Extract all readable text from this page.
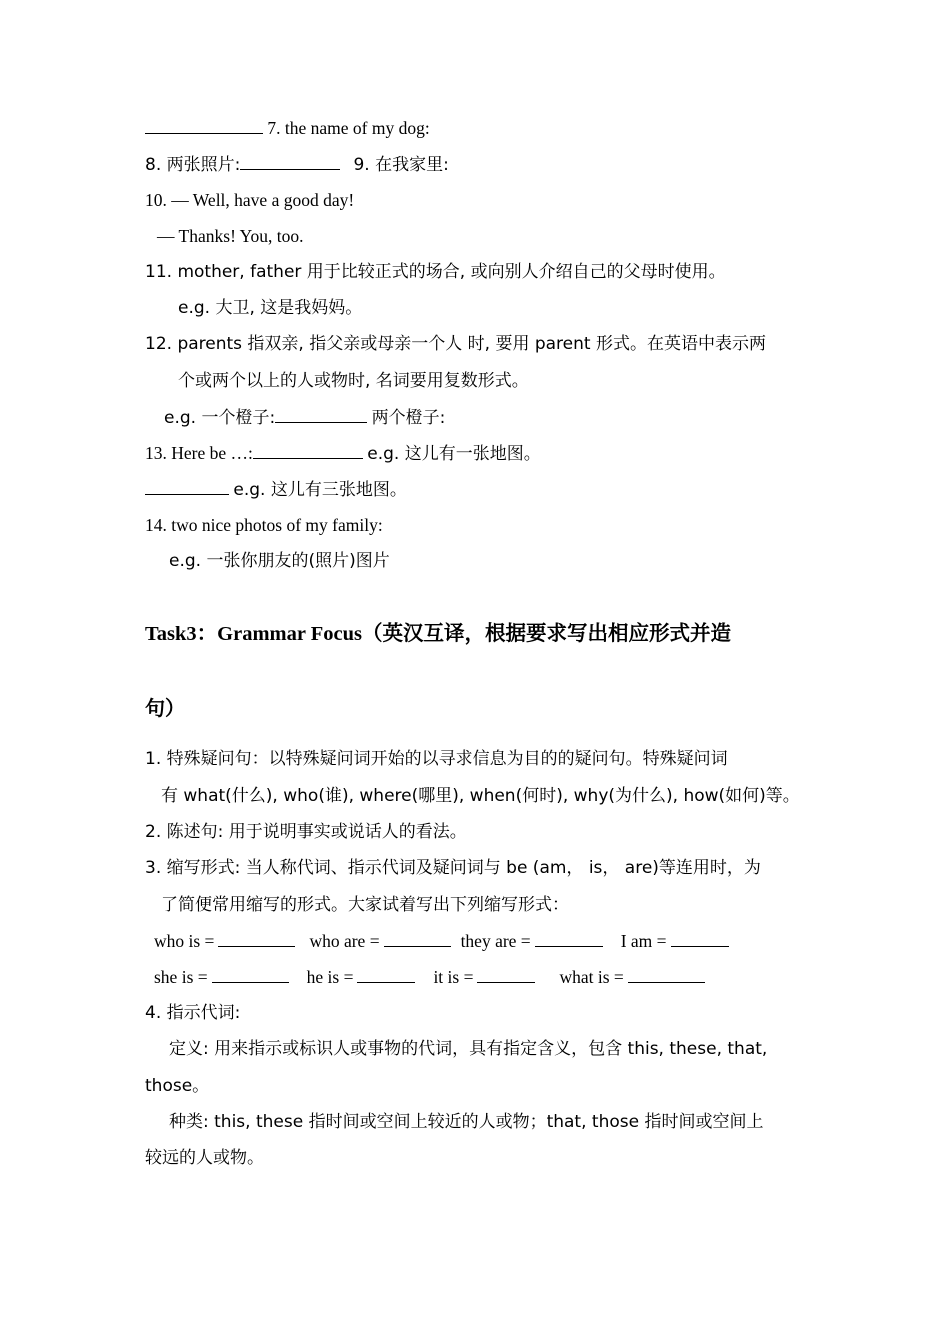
7. the name of my dog:
8. 两张照片:	9. 在我家里:
10. — Well, have a good day!
— Thanks! You, too.
11. mother, father 用于比较正式的场合, 或向别人介绍自己的父母时使用。
e.g. 大卫, 这是我妈妈。
12. parents 指双亲, 指父亲或母亲一个人 时, 要用 parent 形式。在英语中表示两
个或两个以上的人或物时, 名词要用复数形式。
e.g. 一个橙子:	两个橙子:
13. Here be …:	e.g. 这儿有一张地图。
e.g. 这儿有三张地图。
14. two nice photos of my family:
e.g. 一张你朋友的(照片)图片
Task3：Grammar Focus（英汉互译，根据要求写出相应形式并造
句）
1. 特殊疑问句：以特殊疑问词开始的以寻求信息为目的的疑问句。特殊疑问词
有 what(什么), who(谁), where(哪里), when(何时), why(为什么), how(如何)等。
2. 陈述句: 用于说明事实或说话人的看法。
3. 缩写形式: 当人称代词、指示代词及疑问词与 be (am， is， are)等连用时，为
了简便常用缩写的形式。大家试着写出下列缩写形式：
who is =	who are =	they are =	I am =
she is =	he is =	it is =	what is =
4. 指示代词:
定义: 用来指示或标识人或事物的代词，具有指定含义，包含 this, these, that,
those。
种类: this, these 指时间或空间上较近的人或物；that, those 指时间或空间上
较远的人或物。
